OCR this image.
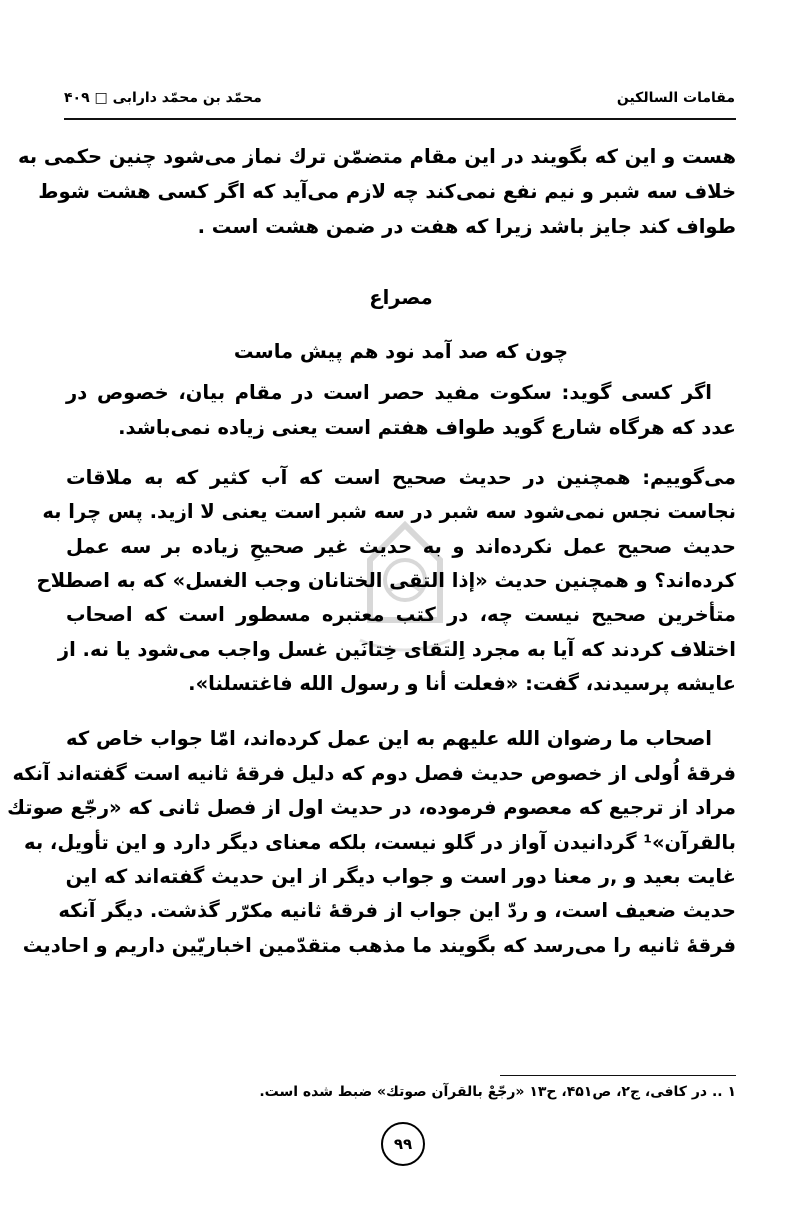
مقامات السالکین
محمّد بن محمّد دارابی □ ۴۰۹
هست و این که بگویند در این مقام متضمّن ترك نماز می‌شود چنین حکمی به
خلاف سه شبر و نیم نفع نمی‌کند چه لازم می‌آید که اگر کسی هشت شوط
طواف کند جایز باشد زیرا که هفت در ضمن هشت است .
مصراع
چون که صد آمد نود هم پیش ماست
اگر کسی گوید: سکوت مفید حصر است در مقام بیان، خصوص در
عدد که هرگاه شارع گوید طواف هفتم است یعنی زیاده نمی‌باشد.
می‌گوییم: همچنین در حدیث صحیح است که آب کثیر که به ملاقات
نجاست نجس نمی‌شود سه شبر در سه شبر است یعنی لا ازید. پس چرا به
حدیث صحیح عمل نکرده‌اند و به حدیث غیر صحیحِ زیاده بر سه عمل
کرده‌اند؟ و همچنین حدیث «إذا التقی الختانان وجب الغسل» که به اصطلاح
متأخرین صحیح نیست چه، در کتب معتبره مسطور است که اصحاب
اختلاف کردند که آیا به مجرد اِلتقای خِتانَین غسل واجب می‌شود یا نه. از
عایشه پرسیدند، گفت: «فعلت أنا و رسول الله فاغتسلنا».
اصحاب ما رضوان الله علیهم به این عمل کرده‌اند، امّا جواب خاص که
فرقهٔ اُولی از خصوص حدیث فصل دوم که دلیل فرقهٔ ثانیه است گفته‌اند آنکه
مراد از ترجیع که معصوم فرموده، در حدیث اول از فصل ثانی که «رجّع صوتك
بالقرآن»¹ گردانیدن آواز در گلو نیست، بلکه معنای دیگر دارد و این تأویل، به
غایت بعید و ,ر معنا دور است و جواب دیگر از این حدیث گفته‌اند که این
حدیث ضعیف است، و ردّ این جواب از فرقهٔ ثانیه مکرّر گذشت. دیگر آنکه
فرقهٔ ثانیه را می‌رسد که بگویند ما مذهب متقدّمین اخباریّین داریم و احادیث
۱ .. در کافی، ج۲، ص۴۵۱، ح۱۳ «رجّعْ بالقرآن صوتك» ضبط شده است.
۹۹
